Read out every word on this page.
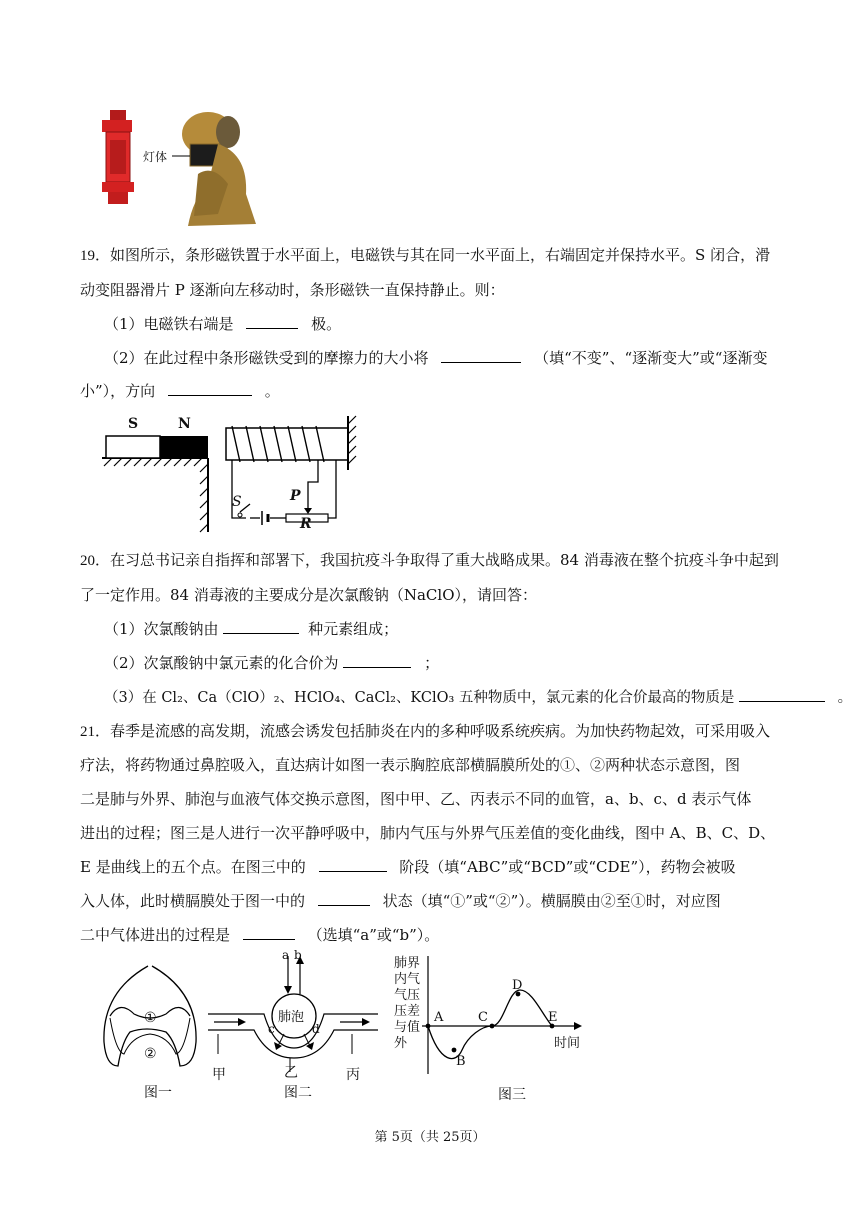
灯体
19．如图所示，条形磁铁置于水平面上，电磁铁与其在同一水平面上，右端固定并保持水平。S 闭合，滑
动变阻器滑片 P 逐渐向左移动时，条形磁铁一直保持静止。则：
（1）电磁铁右端是	极。
（2）在此过程中条形磁铁受到的摩擦力的大小将	（填“不变”、“逐渐变大”或“逐渐变
小”），方向	。
S	N
S	P
R
20．在习总书记亲自指挥和部署下，我国抗疫斗争取得了重大战略成果。84 消毒液在整个抗疫斗争中起到
了一定作用。84 消毒液的主要成分是次氯酸钠（NaClO），请回答：
（1）次氯酸钠由	种元素组成；
（2）次氯酸钠中氯元素的化合价为	；
（3）在 Cl₂、Ca（ClO）₂、HClO₄、CaCl₂、KClO₃ 五种物质中，氯元素的化合价最高的物质是	。
21．春季是流感的高发期，流感会诱发包括肺炎在内的多种呼吸系统疾病。为加快药物起效，可采用吸入
疗法，将药物通过鼻腔吸入，直达病计如图一表示胸腔底部横膈膜所处的①、②两种状态示意图，图
二是肺与外界、肺泡与血液气体交换示意图，图中甲、乙、丙表示不同的血管，a、b、c、d 表示气体
进出的过程；图三是人进行一次平静呼吸中，肺内气压与外界气压差值的变化曲线，图中 A、B、C、D、
E 是曲线上的五个点。在图三中的	阶段（填“ABC”或“BCD”或“CDE”），药物会被吸
入人体，此时横膈膜处于图一中的	状态（填“①”或“②”）。横膈膜由②至①时，对应图
二中气体进出的过程是	（选填“a”或“b”）。
①
②
图一
a b
肺泡
c	d
甲	乙	丙
图二
肺界
内气
气压
压差
与值
外
A
B
C
D
E
时间
图三
第 5页（共 25页）
